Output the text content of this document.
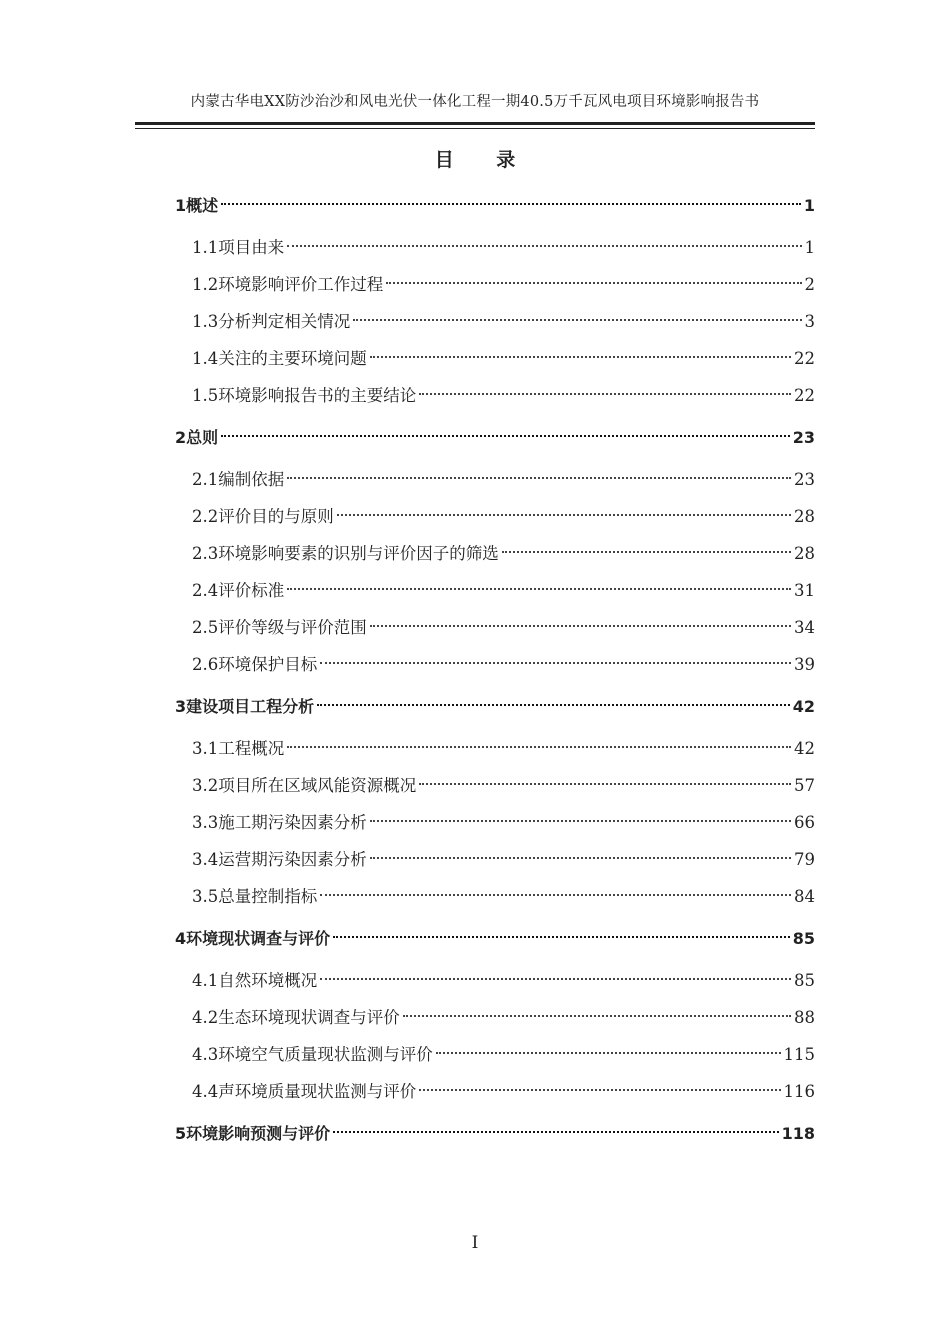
内蒙古华电XX防沙治沙和风电光伏一体化工程一期40.5万千瓦风电项目环境影响报告书
目 录
1概述	1
1.1项目由来	1
1.2环境影响评价工作过程	2
1.3分析判定相关情况	3
1.4关注的主要环境问题	22
1.5环境影响报告书的主要结论	22
2总则	23
2.1编制依据	23
2.2评价目的与原则	28
2.3环境影响要素的识别与评价因子的筛选	28
2.4评价标准	31
2.5评价等级与评价范围	34
2.6环境保护目标	39
3建设项目工程分析	42
3.1工程概况	42
3.2项目所在区域风能资源概况	57
3.3施工期污染因素分析	66
3.4运营期污染因素分析	79
3.5总量控制指标	84
4环境现状调查与评价	85
4.1自然环境概况	85
4.2生态环境现状调查与评价	88
4.3环境空气质量现状监测与评价	115
4.4声环境质量现状监测与评价	116
5环境影响预测与评价	118
I
